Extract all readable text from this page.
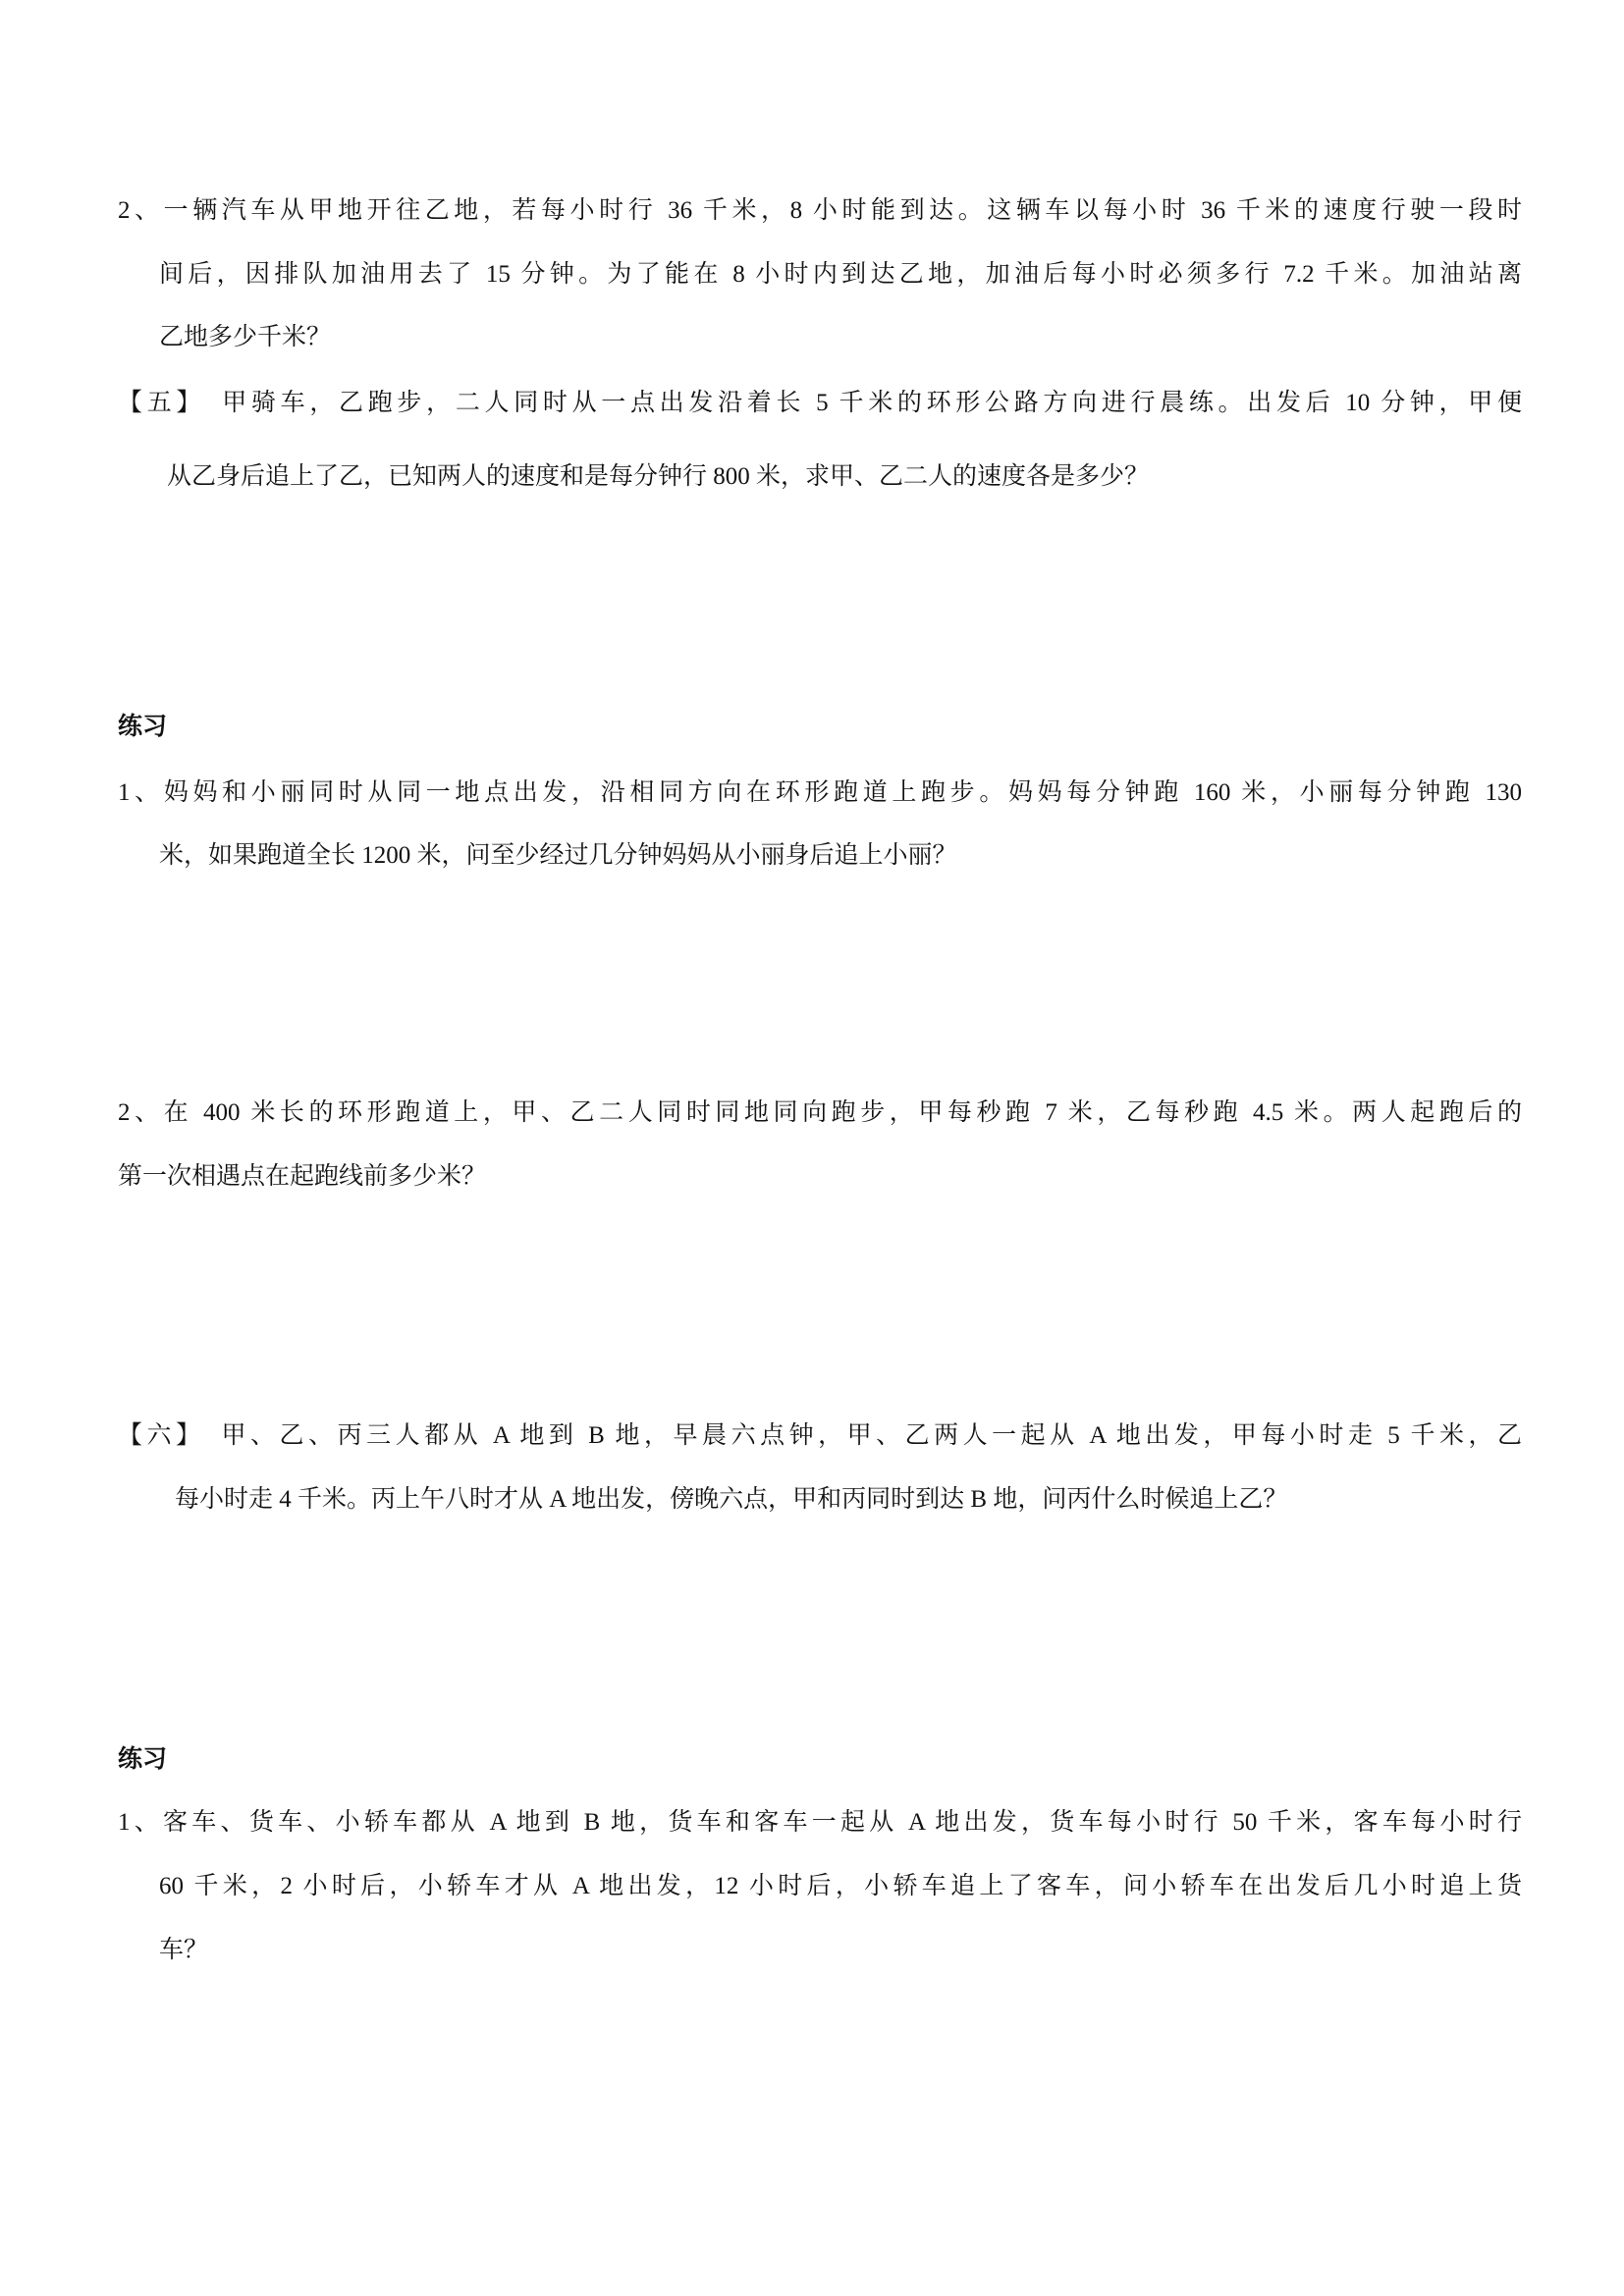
2、一辆汽车从甲地开往乙地，若每小时行 36 千米，8 小时能到达。这辆车以每小时 36 千米的速度行驶一段时
间后，因排队加油用去了 15 分钟。为了能在 8 小时内到达乙地，加油后每小时必须多行 7.2 千米。加油站离
乙地多少千米？
【五】　甲骑车，乙跑步，二人同时从一点出发沿着长 5 千米的环形公路方向进行晨练。出发后 10 分钟，甲便
从乙身后追上了乙，已知两人的速度和是每分钟行 800 米，求甲、乙二人的速度各是多少？
练习
1、妈妈和小丽同时从同一地点出发，沿相同方向在环形跑道上跑步。妈妈每分钟跑 160 米，小丽每分钟跑 130
米，如果跑道全长 1200 米，问至少经过几分钟妈妈从小丽身后追上小丽？
2、在 400 米长的环形跑道上，甲、乙二人同时同地同向跑步，甲每秒跑 7 米，乙每秒跑 4.5 米。两人起跑后的
第一次相遇点在起跑线前多少米？
【六】　甲、乙、丙三人都从 A 地到 B 地，早晨六点钟，甲、乙两人一起从 A 地出发，甲每小时走 5 千米，乙
每小时走 4 千米。丙上午八时才从 A 地出发，傍晚六点，甲和丙同时到达 B 地，问丙什么时候追上乙？
练习
1、客车、货车、小轿车都从 A 地到 B 地，货车和客车一起从 A 地出发，货车每小时行 50 千米，客车每小时行
60 千米，2 小时后，小轿车才从 A 地出发，12 小时后，小轿车追上了客车，问小轿车在出发后几小时追上货
车？
